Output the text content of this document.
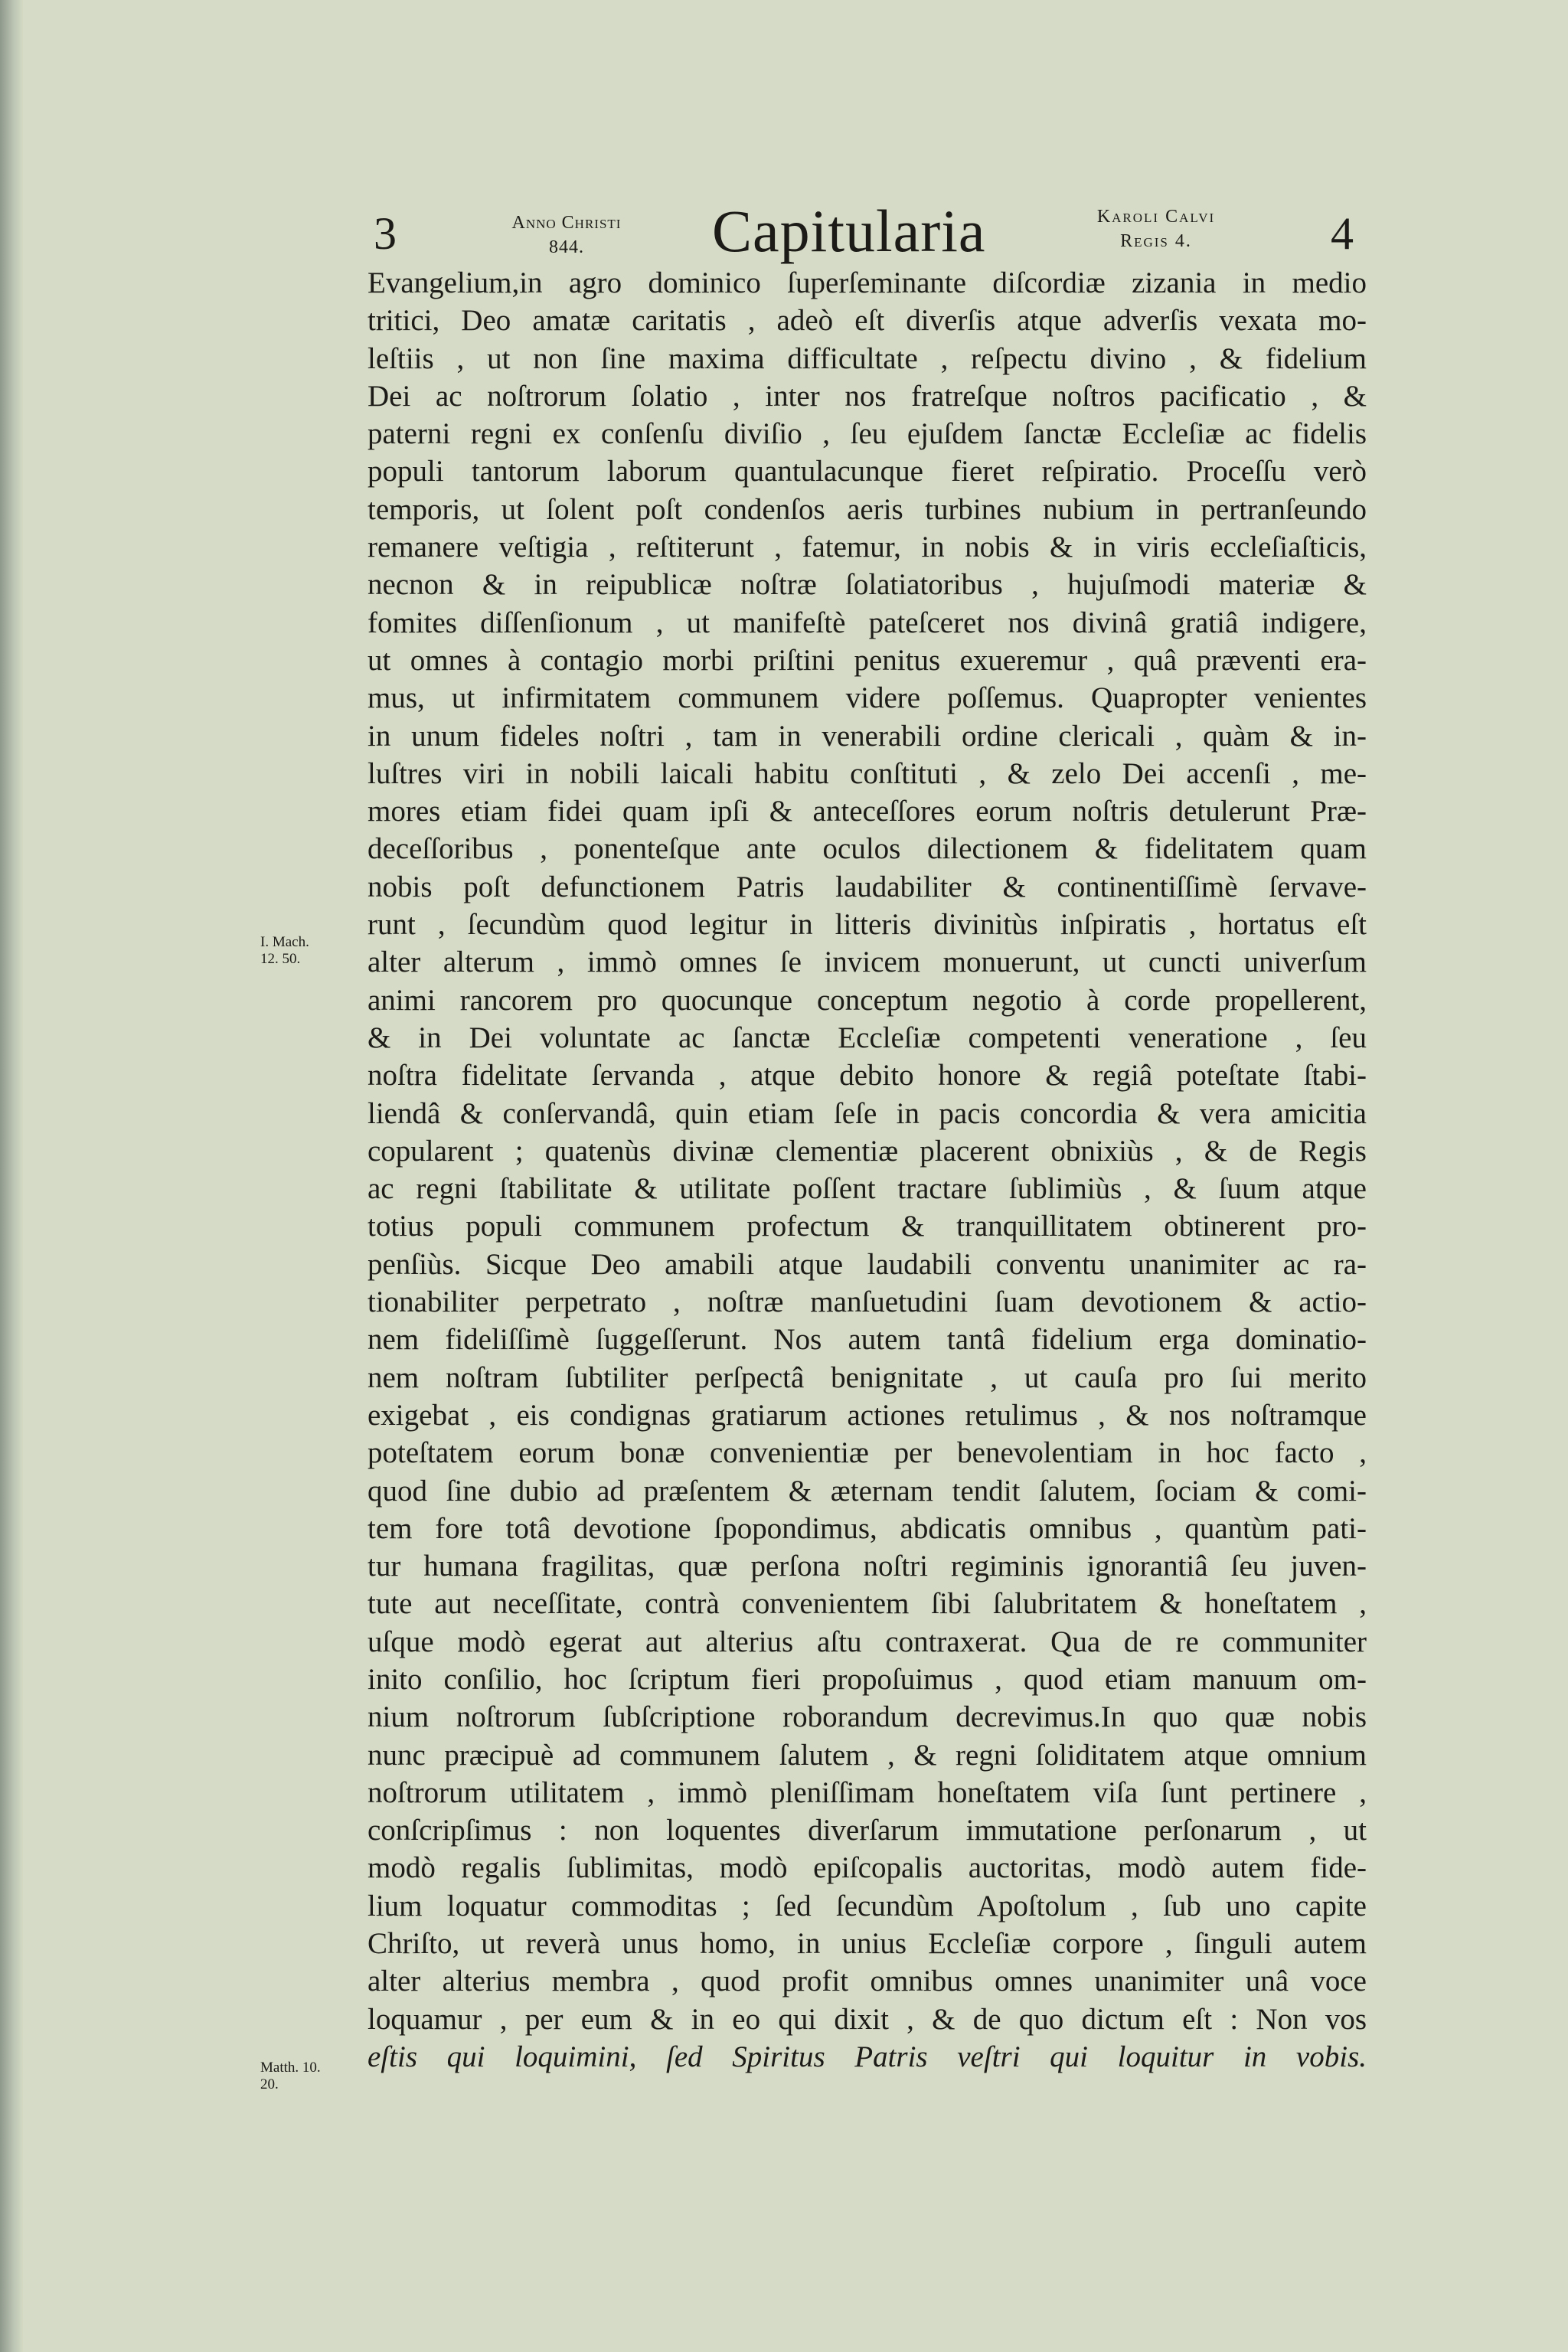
3	Anno Christi
844.	Capitularia	Karoli Calvi
Regis 4.	4
I. Mach.
12. 50.
Matth. 10.
20.
Evangelium,in agro dominico ſuperſeminante diſcordiæ zizania in medio
tritici, Deo amatæ caritatis , adeò eſt diverſis atque adverſis vexata mo-
leſtiis , ut non ſine maxima difficultate , reſpectu divino , & fidelium
Dei ac noſtrorum ſolatio , inter nos fratreſque noſtros pacificatio , &
paterni regni ex conſenſu diviſio , ſeu ejuſdem ſanctæ Eccleſiæ ac fidelis
populi tantorum laborum quantulacunque fieret reſpiratio. Proceſſu verò
temporis, ut ſolent poſt condenſos aeris turbines nubium in pertranſeundo
remanere veſtigia , reſtiterunt , fatemur, in nobis & in viris eccleſiaſticis,
necnon & in reipublicæ noſtræ ſolatiatoribus , hujuſmodi materiæ &
fomites diſſenſionum , ut manifeſtè pateſceret nos divinâ gratiâ indigere,
ut omnes à contagio morbi priſtini penitus exueremur , quâ præventi era-
mus, ut infirmitatem communem videre poſſemus. Quapropter venientes
in unum fideles noſtri , tam in venerabili ordine clericali , quàm & in-
luſtres viri in nobili laicali habitu conſtituti , & zelo Dei accenſi , me-
mores etiam fidei quam ipſi & anteceſſores eorum noſtris detulerunt Præ-
deceſſoribus , ponenteſque ante oculos dilectionem & fidelitatem quam
nobis poſt defunctionem Patris laudabiliter & continentiſſimè ſervave-
runt , ſecundùm quod legitur in litteris divinitùs inſpiratis , hortatus eſt
alter alterum , immò omnes ſe invicem monuerunt, ut cuncti univerſum
animi rancorem pro quocunque conceptum negotio à corde propellerent,
& in Dei voluntate ac ſanctæ Eccleſiæ competenti veneratione , ſeu
noſtra fidelitate ſervanda , atque debito honore & regiâ poteſtate ſtabi-
liendâ & conſervandâ, quin etiam ſeſe in pacis concordia & vera amicitia
copularent ; quatenùs divinæ clementiæ placerent obnixiùs , & de Regis
ac regni ſtabilitate & utilitate poſſent tractare ſublimiùs , & ſuum atque
totius populi communem profectum & tranquillitatem obtinerent pro-
penſiùs. Sicque Deo amabili atque laudabili conventu unanimiter ac ra-
tionabiliter perpetrato , noſtræ manſuetudini ſuam devotionem & actio-
nem fideliſſimè ſuggeſſerunt. Nos autem tantâ fidelium erga dominatio-
nem noſtram ſubtiliter perſpectâ benignitate , ut cauſa pro ſui merito
exigebat , eis condignas gratiarum actiones retulimus , & nos noſtramque
poteſtatem eorum bonæ convenientiæ per benevolentiam in hoc facto ,
quod ſine dubio ad præſentem & æternam tendit ſalutem, ſociam & comi-
tem fore totâ devotione ſpopondimus, abdicatis omnibus , quantùm pati-
tur humana fragilitas, quæ perſona noſtri regiminis ignorantiâ ſeu juven-
tute aut neceſſitate, contrà convenientem ſibi ſalubritatem & honeſtatem ,
uſque modò egerat aut alterius aſtu contraxerat. Qua de re communiter
inito conſilio, hoc ſcriptum fieri propoſuimus , quod etiam manuum om-
nium noſtrorum ſubſcriptione roborandum decrevimus.In quo quæ nobis
nunc præcipuè ad communem ſalutem , & regni ſoliditatem atque omnium
noſtrorum utilitatem , immò pleniſſimam honeſtatem viſa ſunt pertinere ,
conſcripſimus : non loquentes diverſarum immutatione perſonarum , ut
modò regalis ſublimitas, modò epiſcopalis auctoritas, modò autem fide-
lium loquatur commoditas ; ſed ſecundùm Apoſtolum , ſub uno capite
Chriſto, ut reverà unus homo, in unius Eccleſiæ corpore , ſinguli autem
alter alterius membra , quod profit omnibus omnes unanimiter unâ voce
loquamur , per eum & in eo qui dixit , & de quo dictum eſt : Non vos
eſtis qui loquimini, ſed Spiritus Patris veſtri qui loquitur in vobis.
